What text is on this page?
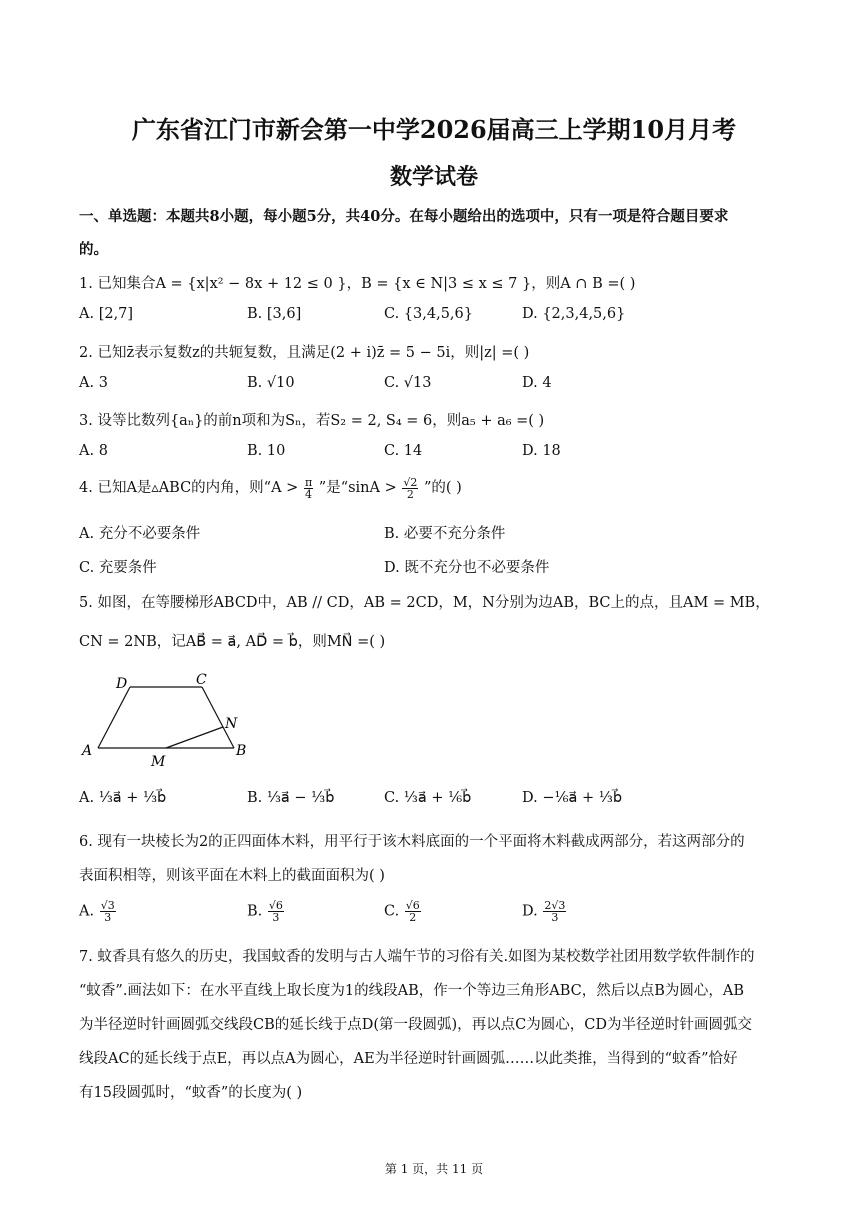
广东省江门市新会第一中学2026届高三上学期10月月考
数学试卷
一、单选题：本题共8小题，每小题5分，共40分。在每小题给出的选项中，只有一项是符合题目要求
的。
1. 已知集合A = {x|x² − 8x + 12 ≤ 0 }，B = {x ∈ N|3 ≤ x ≤ 7 }，则A ∩ B =( )
A. [2,7]	B. [3,6]	C. {3,4,5,6}	D. {2,3,4,5,6}
2. 已知z̄表示复数z的共轭复数，且满足(2 + i)z̄ = 5 − 5i，则|z| =( )
A. 3	B. √10	C. √13	D. 4
3. 设等比数列{aₙ}的前n项和为Sₙ，若S₂ = 2, S₄ = 6，则a₅ + a₆ =( )
A. 8	B. 10	C. 14	D. 18
4. 已知A是▵ABC的内角，则“$A > \frac{\pi}{4}$ ”是“$\sin A > \frac{√2}{2}$ ”的( )
A. 充分不必要条件	B. 必要不充分条件
C. 充要条件	D. 既不充分也不必要条件
5. 如图，在等腰梯形ABCD中，AB // CD，AB = 2CD，M，N分别为边AB，BC上的点，且AM = MB，
CN = 2NB，记AB⃗ = a⃗, AD⃗ = b⃗，则MN⃗ =( )
A	B
C
D
M
N
A. ⅓a⃗ + ⅓b⃗	B. ⅓a⃗ − ⅓b⃗	C. ⅓a⃗ + ⅙b⃗	D. −⅙a⃗ + ⅓b⃗
6. 现有一块棱长为2的正四面体木料，用平行于该木料底面的一个平面将木料截成两部分，若这两部分的
表面积相等，则该平面在木料上的截面面积为( )
A. $\frac{√3}{3}$	B. $\frac{√6}{3}$	C. $\frac{√6}{2}$	D. $\frac{2√3}{3}$
7. 蚊香具有悠久的历史，我国蚊香的发明与古人端午节的习俗有关.如图为某校数学社团用数学软件制作的
“蚊香”.画法如下：在水平直线上取长度为1的线段AB，作一个等边三角形ABC，然后以点B为圆心，AB
为半径逆时针画圆弧交线段CB的延长线于点D(第一段圆弧)，再以点C为圆心，CD为半径逆时针画圆弧交
线段AC的延长线于点E，再以点A为圆心，AE为半径逆时针画圆弧……以此类推，当得到的“蚊香”恰好
有15段圆弧时，“蚊香”的长度为( )
第 1 页，共 11 页
